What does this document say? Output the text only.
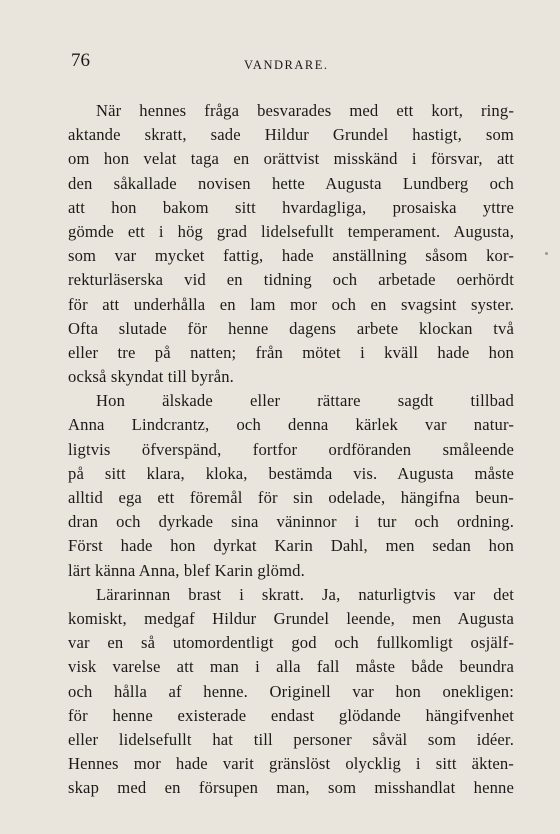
76	VANDRARE.
När hennes fråga besvarades med ett kort, ring-
aktande skratt, sade Hildur Grundel hastigt, som
om hon velat taga en orättvist misskänd i försvar, att
den såkallade novisen hette Augusta Lundberg och
att hon bakom sitt hvardagliga, prosaiska yttre
gömde ett i hög grad lidelsefullt temperament. Augusta,
som var mycket fattig, hade anställning såsom kor-
rekturläserska vid en tidning och arbetade oerhördt
för att underhålla en lam mor och en svagsint syster.
Ofta slutade för henne dagens arbete klockan två
eller tre på natten; från mötet i kväll hade hon
också skyndat till byrån.
Hon älskade eller rättare sagdt tillbad
Anna Lindcrantz, och denna kärlek var natur-
ligtvis öfverspänd, fortfor ordföranden småleende
på sitt klara, kloka, bestämda vis. Augusta måste
alltid ega ett föremål för sin odelade, hängifna beun-
dran och dyrkade sina väninnor i tur och ordning.
Först hade hon dyrkat Karin Dahl, men sedan hon
lärt känna Anna, blef Karin glömd.
Lärarinnan brast i skratt. Ja, naturligtvis var det
komiskt, medgaf Hildur Grundel leende, men Augusta
var en så utomordentligt god och fullkomligt osjälf-
visk varelse att man i alla fall måste både beundra
och hålla af henne. Originell var hon onekligen:
för henne existerade endast glödande hängifvenhet
eller lidelsefullt hat till personer såväl som idéer.
Hennes mor hade varit gränslöst olycklig i sitt äkten-
skap med en försupen man, som misshandlat henne
